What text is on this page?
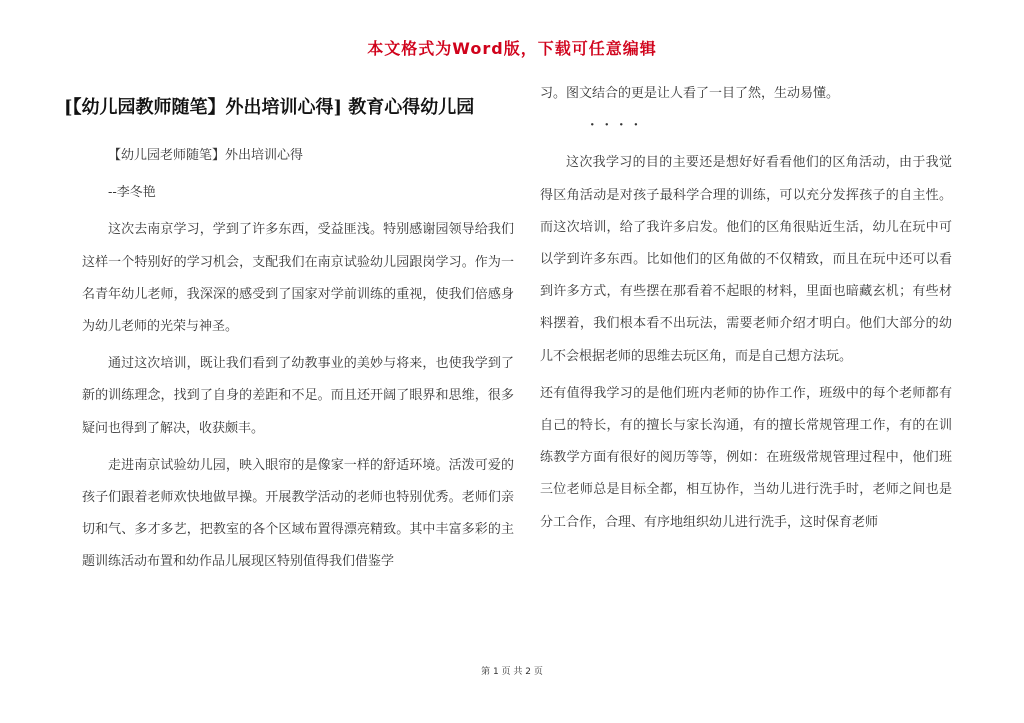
本文格式为Word版，下载可任意编辑
[【幼儿园教师随笔】外出培训心得] 教育心得幼儿园

【幼儿园老师随笔】外出培训心得

--李冬艳

这次去南京学习，学到了许多东西，受益匪浅。特别感谢园领导给我们这样一个特别好的学习机会，支配我们在南京试验幼儿园跟岗学习。作为一名青年幼儿老师，我深深的感受到了国家对学前训练的重视，使我们倍感身为幼儿老师的光荣与神圣。

通过这次培训，既让我们看到了幼教事业的美妙与将来，也使我学到了新的训练理念，找到了自身的差距和不足。而且还开阔了眼界和思维，很多疑问也得到了解决，收获颇丰。

走进南京试验幼儿园，映入眼帘的是像家一样的舒适环境。活泼可爱的孩子们跟着老师欢快地做早操。开展教学活动的老师也特别优秀。老师们亲切和气、多才多艺，把教室的各个区域布置得漂亮精致。其中丰富多彩的主题训练活动布置和幼作品儿展现区特别值得我们借鉴学

习。图文结合的更是让人看了一目了然，生动易懂。

····

这次我学习的目的主要还是想好好看看他们的区角活动，由于我觉得区角活动是对孩子最科学合理的训练，可以充分发挥孩子的自主性。而这次培训，给了我许多启发。他们的区角很贴近生活，幼儿在玩中可以学到许多东西。比如他们的区角做的不仅精致，而且在玩中还可以看到许多方式，有些摆在那看着不起眼的材料，里面也暗藏玄机；有些材料摆着，我们根本看不出玩法，需要老师介绍才明白。他们大部分的幼儿不会根据老师的思维去玩区角，而是自己想方法玩。

还有值得我学习的是他们班内老师的协作工作，班级中的每个老师都有自己的特长，有的擅长与家长沟通，有的擅长常规管理工作，有的在训练教学方面有很好的阅历等等，例如：在班级常规管理过程中，他们班三位老师总是目标全都，相互协作，当幼儿进行洗手时，老师之间也是分工合作，合理、有序地组织幼儿进行洗手，这时保育老师

第 1 页 共 2 页
